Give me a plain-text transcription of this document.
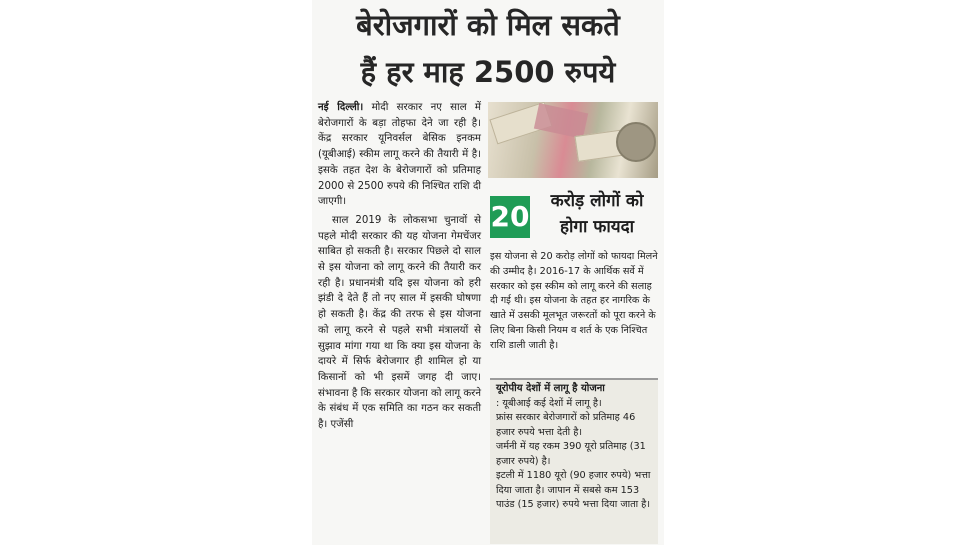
बेरोजगारों को मिल सकते
हैं हर माह 2500 रुपये

नई दिल्ली। मोदी सरकार नए साल में बेरोजगारों के बड़ा तोहफा देने जा रही है। केंद्र सरकार यूनिवर्सल बेसिक इनकम (यूबीआई) स्कीम लागू करने की तैयारी में है। इसके तहत देश के बेरोजगारों को प्रतिमाह 2000 से 2500 रुपये की निश्चित राशि दी जाएगी।

साल 2019 के लोकसभा चुनावों से पहले मोदी सरकार की यह योजना गेमचेंजर साबित हो सकती है। सरकार पिछले दो साल से इस योजना को लागू करने की तैयारी कर रही है। प्रधानमंत्री यदि इस योजना को हरी झंडी दे देते हैं तो नए साल में इसकी घोषणा हो सकती है। केंद्र की तरफ से इस योजना को लागू करने से पहले सभी मंत्रालयों से सुझाव मांगा गया था कि क्या इस योजना के दायरे में सिर्फ बेरोजगार ही शामिल हो या किसानों को भी इसमें जगह दी जाए। संभावना है कि सरकार योजना को लागू करने के संबंध में एक समिति का गठन कर सकती है। एजेंसी

20	करोड़ लोगों को
होगा फायदा

इस योजना से 20 करोड़ लोगों को फायदा मिलने की उम्मीद है। 2016-17 के आर्थिक सर्वे में सरकार को इस स्कीम को लागू करने की सलाह दी गई थी। इस योजना के तहत हर नागरिक के खाते में उसकी मूलभूत जरूरतों को पूरा करने के लिए बिना किसी नियम व शर्त के एक निश्चित राशि डाली जाती है।

यूरोपीय देशों में लागू है योजना
: यूबीआई कई देशों में लागू है।
फ्रांस सरकार बेरोजगारों को प्रतिमाह 46 हजार रुपये भत्ता देती है।
जर्मनी में यह रकम 390 यूरो प्रतिमाह (31 हजार रुपये) है।
इटली में 1180 यूरो (90 हजार रुपये) भत्ता दिया जाता है। जापान में सबसे कम 153 पाउंड (15 हजार) रुपये भत्ता दिया जाता है।
